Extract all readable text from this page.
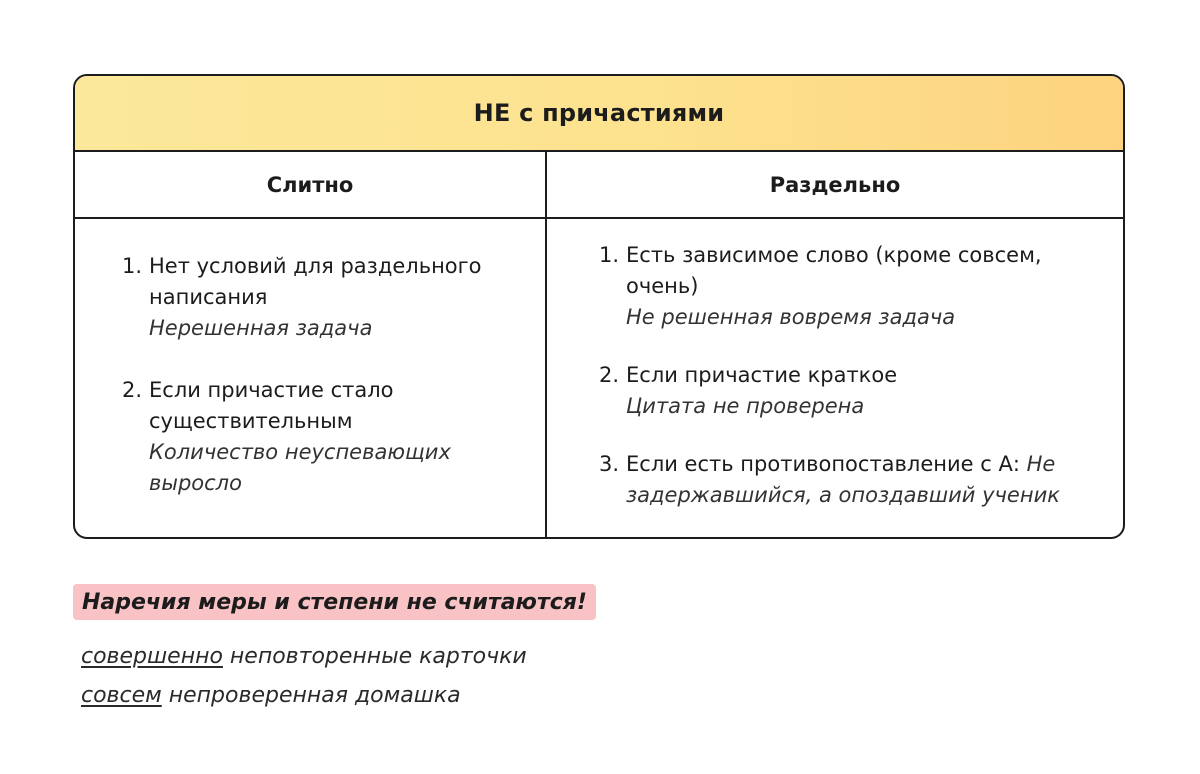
НЕ с причастиями
Слитно	Раздельно
1. Нет условий для раздельного написания
Нерешенная задача
2. Если причастие стало существительным
Количество неуспевающих выросло
1. Есть зависимое слово (кроме совсем, очень)
Не решенная вовремя задача
2. Если причастие краткое
Цитата не проверена
3. Если есть противопоставление с А: Не задержавшийся, а опоздавший ученик
Наречия меры и степени не считаются!
совершенно неповторенные карточки
совсем непроверенная домашка
